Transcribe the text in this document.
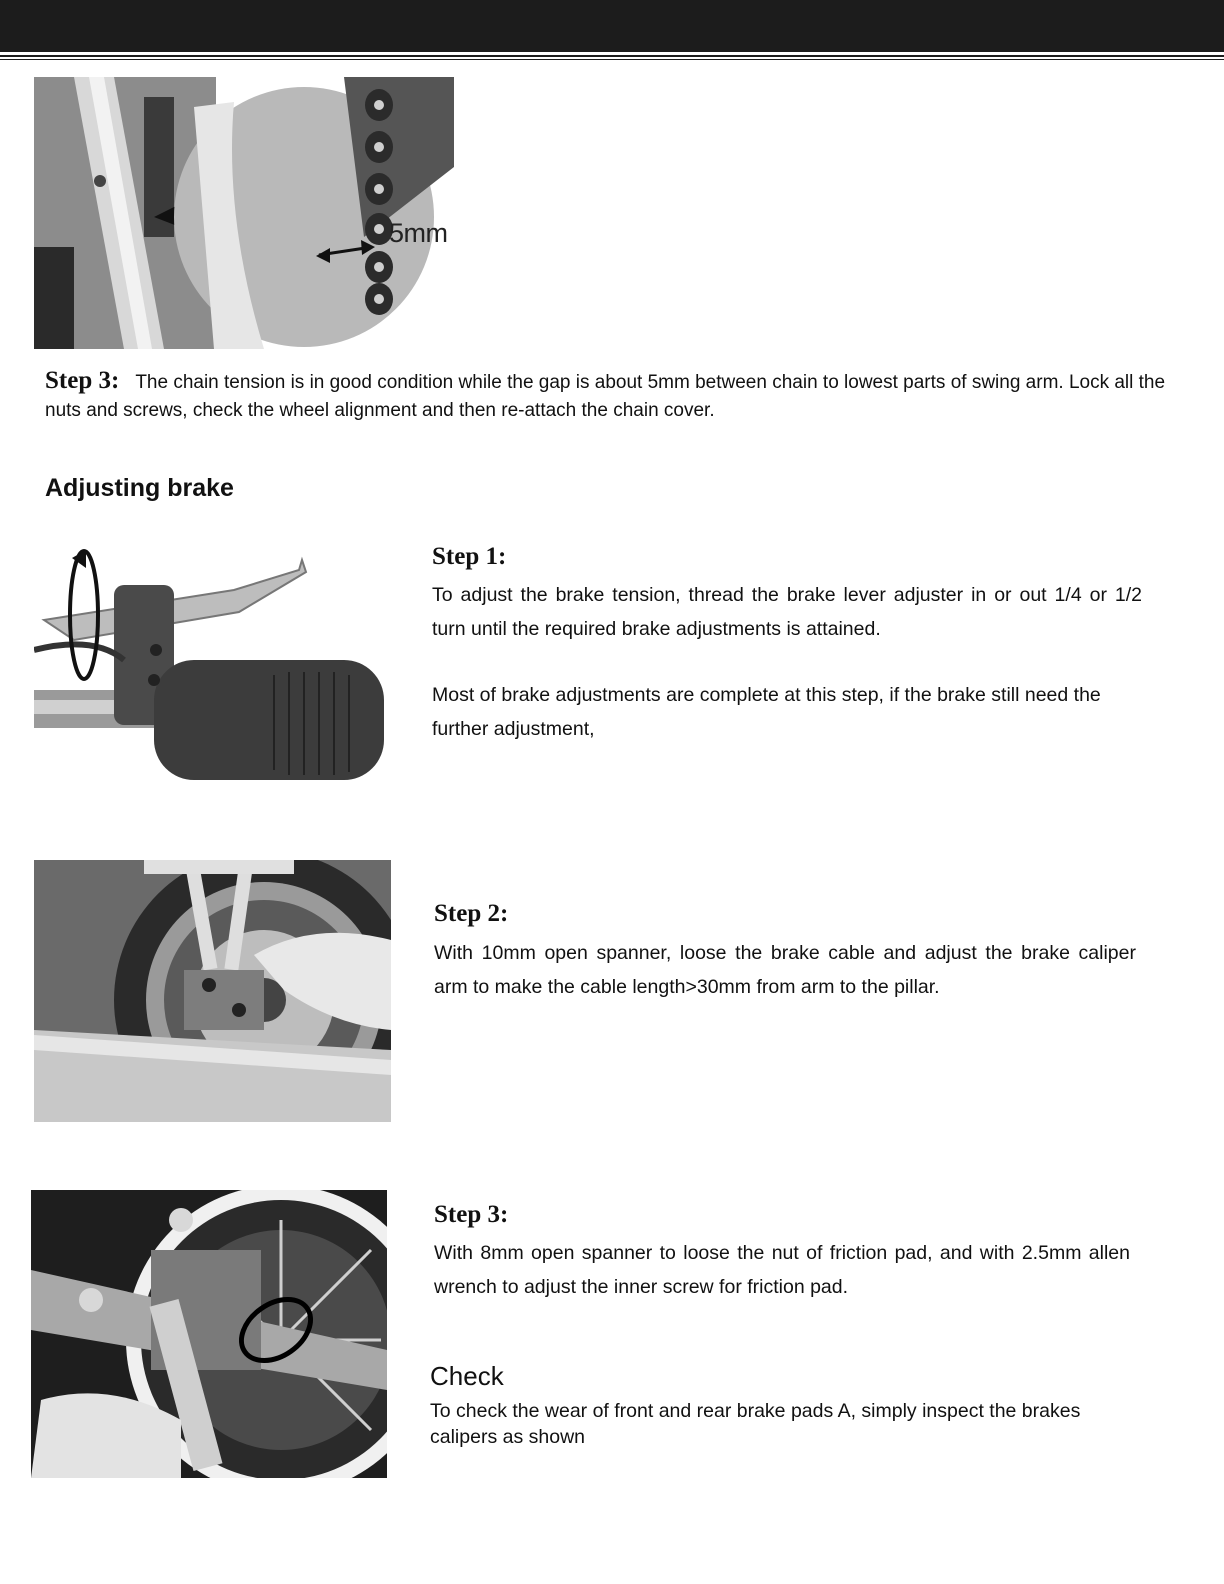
5mm
Step 3: The chain tension is in good condition while the gap is about 5mm between chain to lowest parts of swing arm. Lock all the nuts and screws, check the wheel alignment and then re-attach the chain cover.
Adjusting brake
Step 1:
To adjust the brake tension, thread the brake lever adjuster in or out 1/4 or 1/2 turn until the required brake adjustments is attained.
Most of brake adjustments are complete at this step, if the brake still need the further adjustment,
Step 2:
With 10mm open spanner, loose the brake cable and adjust the brake caliper arm to make the cable length>30mm from arm to the pillar.
Step 3:
With 8mm open spanner to loose the nut of friction pad, and with 2.5mm allen wrench to adjust the inner screw for friction pad.
Check
To check the wear of front and rear brake pads A, simply inspect the brakes calipers as shown
